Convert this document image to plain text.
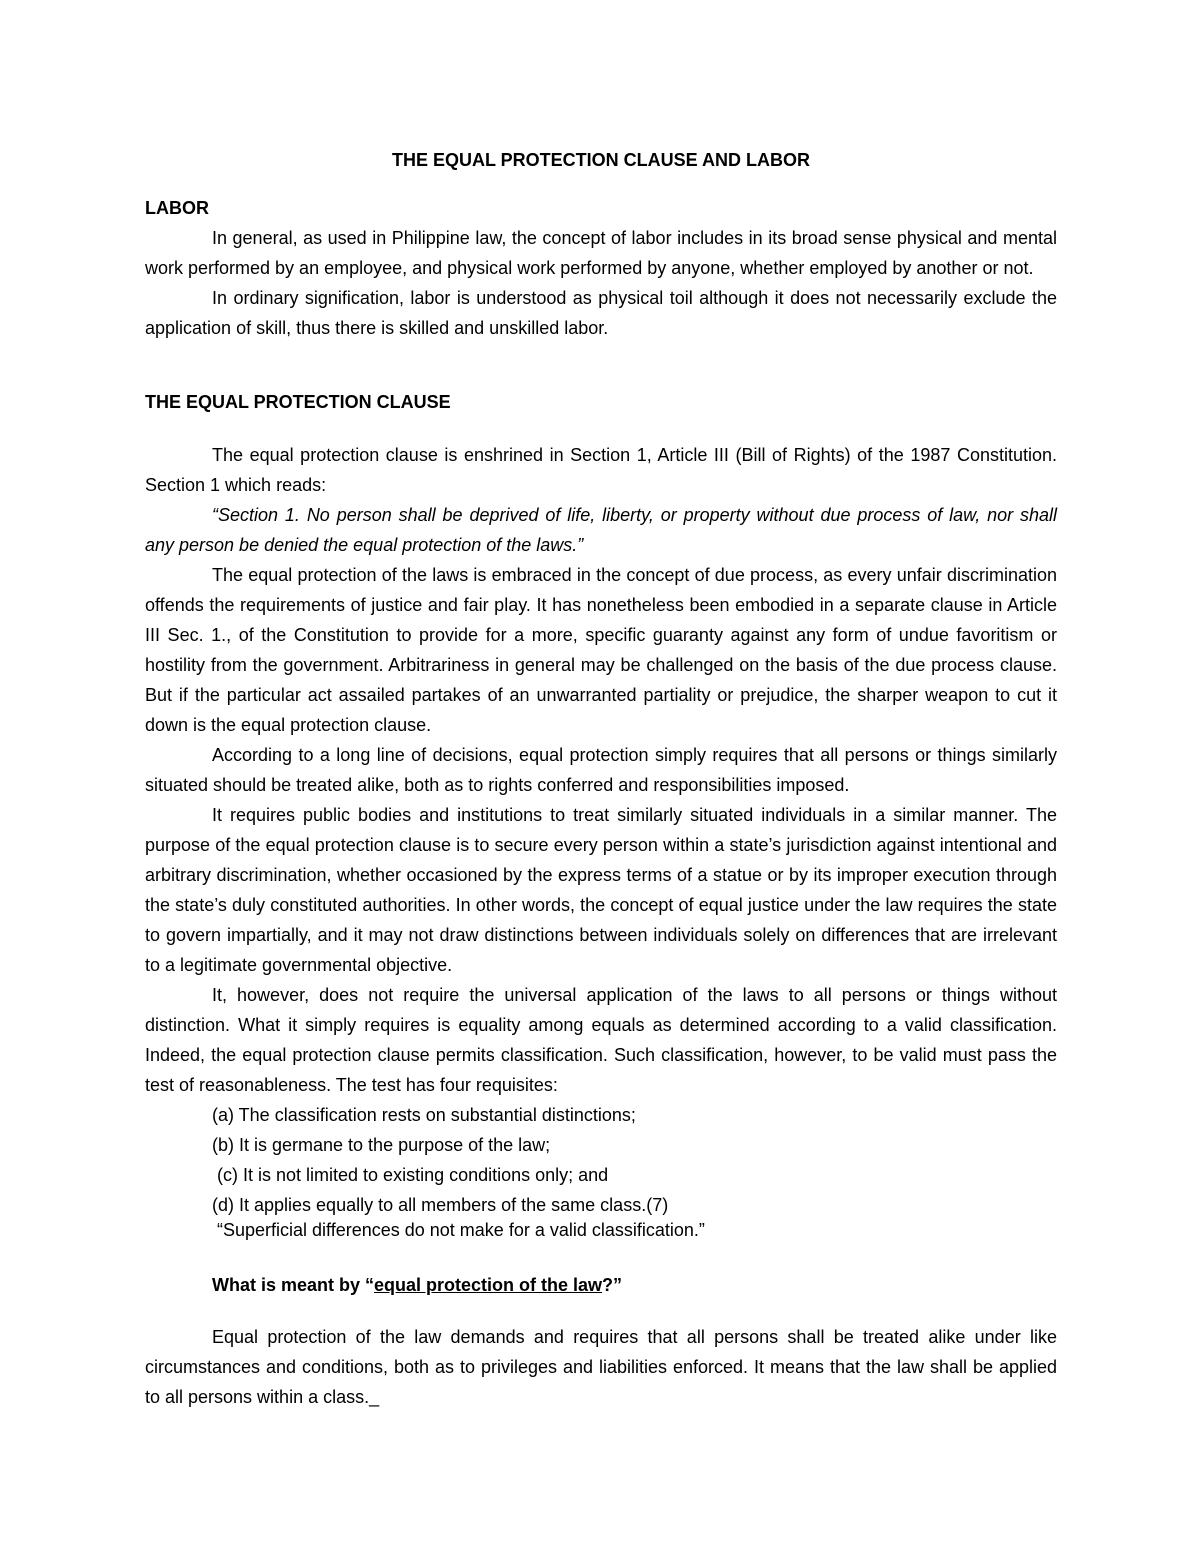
THE EQUAL PROTECTION CLAUSE AND LABOR
LABOR

In general, as used in Philippine law, the concept of labor includes in its broad sense physical and mental work performed by an employee, and physical work performed by anyone, whether employed by another or not.

In ordinary signification, labor is understood as physical toil although it does not necessarily exclude the application of skill, thus there is skilled and unskilled labor.

THE EQUAL PROTECTION CLAUSE

The equal protection clause is enshrined in Section 1, Article III (Bill of Rights) of the 1987 Constitution. Section 1 which reads:

“Section 1. No person shall be deprived of life, liberty, or property without due process of law, nor shall any person be denied the equal protection of the laws.”

The equal protection of the laws is embraced in the concept of due process, as every unfair discrimination offends the requirements of justice and fair play. It has nonetheless been embodied in a separate clause in Article III Sec. 1., of the Constitution to provide for a more, specific guaranty against any form of undue favoritism or hostility from the government. Arbitrariness in general may be challenged on the basis of the due process clause. But if the particular act assailed partakes of an unwarranted partiality or prejudice, the sharper weapon to cut it down is the equal protection clause.

According to a long line of decisions, equal protection simply requires that all persons or things similarly situated should be treated alike, both as to rights conferred and responsibilities imposed.

It requires public bodies and institutions to treat similarly situated individuals in a similar manner. The purpose of the equal protection clause is to secure every person within a state’s jurisdiction against intentional and arbitrary discrimination, whether occasioned by the express terms of a statue or by its improper execution through the state’s duly constituted authorities. In other words, the concept of equal justice under the law requires the state to govern impartially, and it may not draw distinctions between individuals solely on differences that are irrelevant to a legitimate governmental objective.

It, however, does not require the universal application of the laws to all persons or things without distinction. What it simply requires is equality among equals as determined according to a valid classification. Indeed, the equal protection clause permits classification. Such classification, however, to be valid must pass the test of reasonableness. The test has four requisites:

(a) The classification rests on substantial distinctions;
(b) It is germane to the purpose of the law;
(c) It is not limited to existing conditions only; and
(d) It applies equally to all members of the same class.(7)
“Superficial differences do not make for a valid classification.”
What is meant by “equal protection of the law?”

Equal protection of the law demands and requires that all persons shall be treated alike under like circumstances and conditions, both as to privileges and liabilities enforced. It means that the law shall be applied to all persons within a class._
